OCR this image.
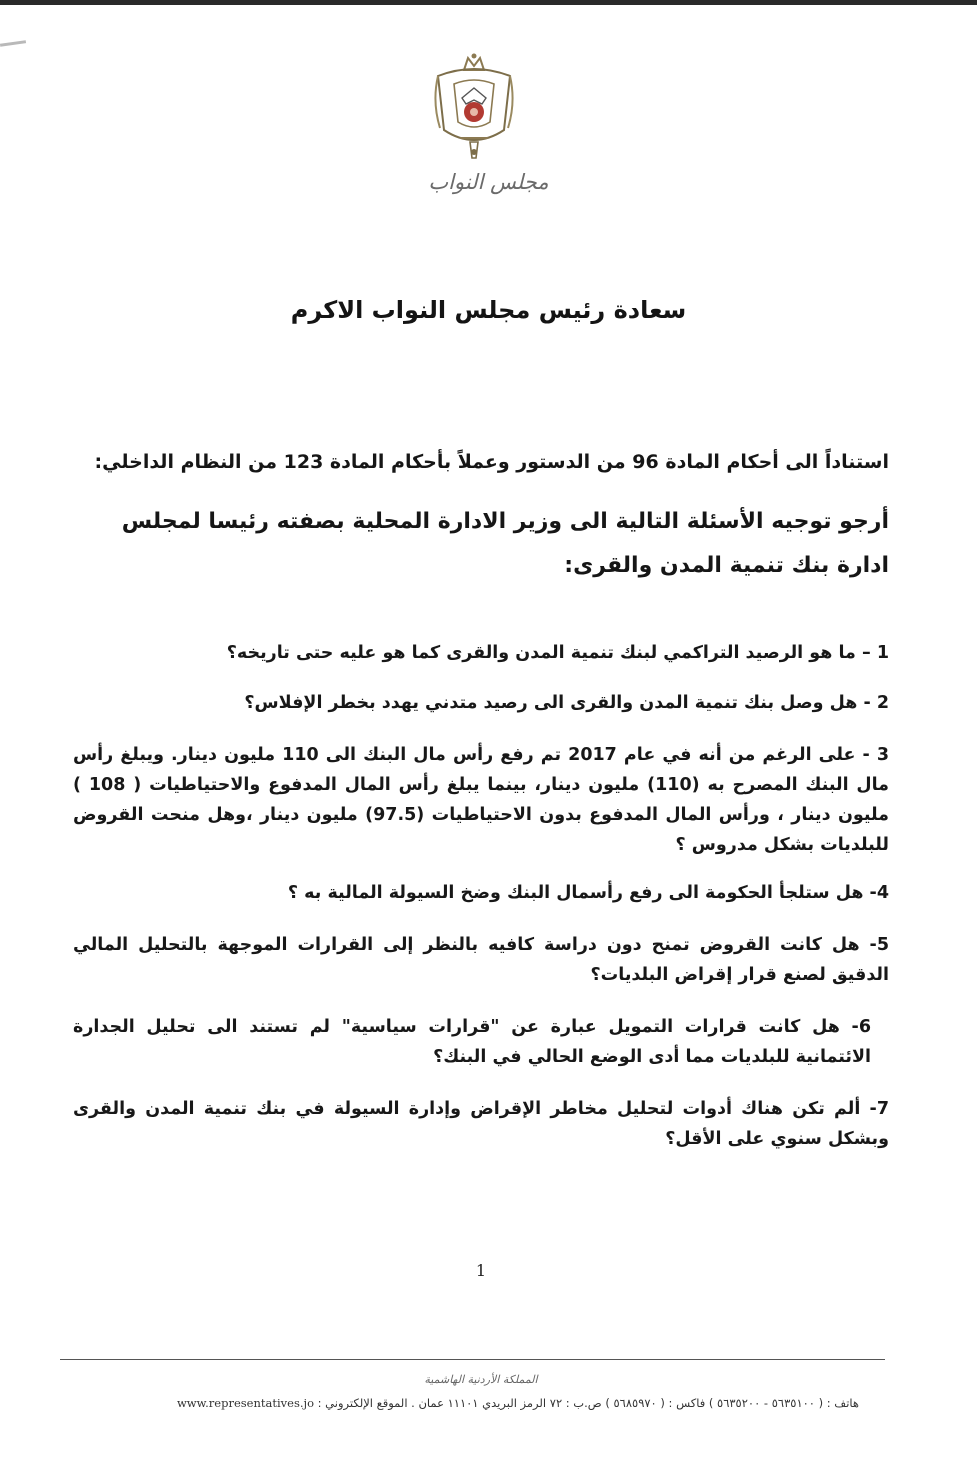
مجلس النواب
سعادة رئيس مجلس النواب الاكرم

استناداً الى أحكام المادة 96 من الدستور وعملاً بأحكام المادة 123 من النظام الداخلي:

أرجو توجيه الأسئلة التالية الى وزير الادارة المحلية بصفته رئيسا لمجلس ادارة بنك تنمية المدن والقرى:

1 – ما هو الرصيد التراكمي لبنك تنمية المدن والقرى كما هو عليه حتى تاريخه؟
2 - هل وصل بنك تنمية المدن والقرى الى رصيد متدني يهدد بخطر الإفلاس؟
3 - على الرغم من أنه في عام 2017 تم رفع رأس مال البنك الى 110 مليون دينار. ويبلغ رأس مال البنك المصرح به (110) مليون دينار، بينما يبلغ رأس المال المدفوع والاحتياطيات ( 108 ) مليون دينار ، ورأس المال المدفوع بدون الاحتياطيات (97.5) مليون دينار ،وهل منحت القروض للبلديات بشكل مدروس ؟
4- هل ستلجأ الحكومة الى رفع رأسمال البنك وضخ السيولة المالية به ؟
5- هل كانت القروض تمنح دون دراسة كافيه بالنظر إلى القرارات الموجهة بالتحليل المالي الدقيق لصنع قرار إقراض البلديات؟
6- هل كانت قرارات التمويل عبارة عن "قرارات سياسية" لم تستند الى تحليل الجدارة الائتمانية للبلديات مما أدى الوضع الحالي في البنك؟
7- ألم تكن هناك أدوات لتحليل مخاطر الإقراض وإدارة السيولة في بنك تنمية المدن والقرى وبشكل سنوي على الأقل؟
1
المملكة الأردنية الهاشمية

هاتف : ( ٥٦٣٥١٠٠ - ٥٦٣٥٢٠٠ ) فاكس : ( ٥٦٨٥٩٧٠ ) ص.ب : ٧٢ الرمز البريدي ١١١٠١ عمان . الموقع الإلكتروني : www.representatives.jo
